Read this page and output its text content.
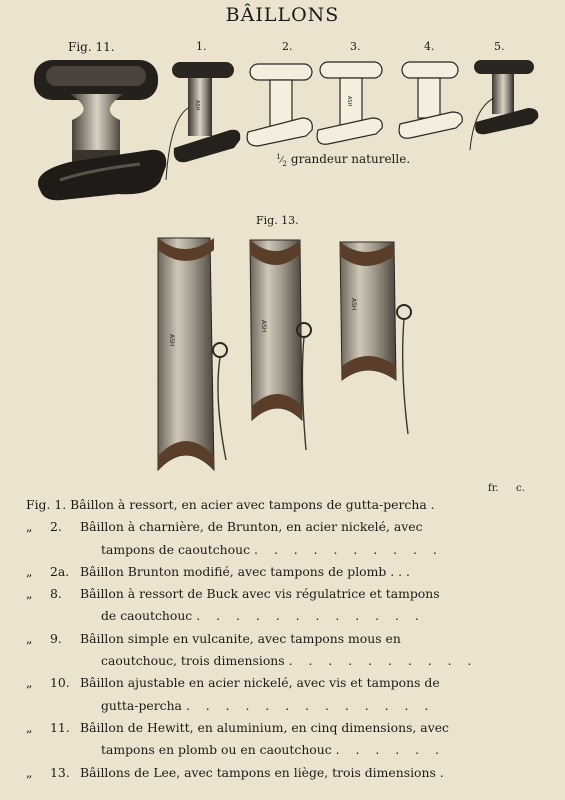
BÂILLONS
Fig. 11.	1.	2.	3.	4.	5.
Fig. 13.
$^1⁄_2$ grandeur naturelle.
ASH	ASH
ASH
ASH
ASH
fr. c.
Fig. 1. Bâillon à ressort, en acier avec tampons de gutta-percha .
„ 2. Bâillon à charnière, de Brunton, en acier nickelé, avec
tampons de caoutchouc . . . . . . . . . .
„ 2a. Bâillon Brunton modifié, avec tampons de plomb . . .
„ 8. Bâillon à ressort de Buck avec vis régulatrice et tampons
de caoutchouc . . . . . . . . . . . .
„ 9. Bâillon simple en vulcanite, avec tampons mous en
caoutchouc, trois dimensions . . . . . . . . . .
„ 10. Bâillon ajustable en acier nickelé, avec vis et tampons de
gutta-percha . . . . . . . . . . . . .
„ 11. Bâillon de Hewitt, en aluminium, en cinq dimensions, avec
tampons en plomb ou en caoutchouc . . . . . .
„ 13. Bâillons de Lee, avec tampons en liège, trois dimensions .
